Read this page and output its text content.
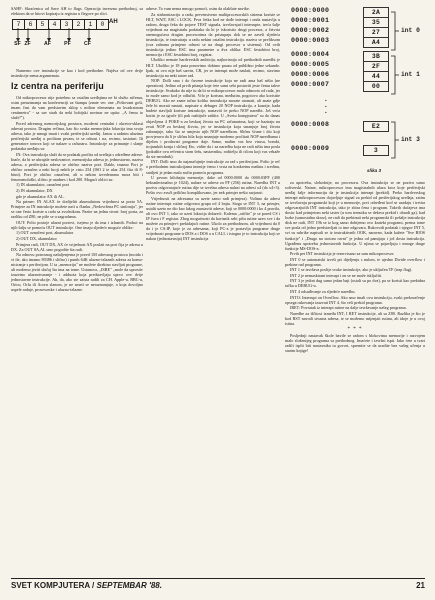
SAHF: Skraćenica od Save AH to flags. Operacija inverzna prethodnoj, sa efektom da se bitovi kopiraju iz registra u flegove po slici.

7	6	5	4	3	2	1	0 AH
SF ZF	AF	PF	CF

Namerno ove instrukcije se kao i kod prethodne. Najdva od ove dvije instrukcije nema argumenata.

Iz centra na periferiju

Od mikroprocesor nije potrebno sa ostalim uređajima ne bi služio ničemu, osim preuzimanja na konferenciji za štampu (znate vec one „Poštovani goši, imam čast da vam predstavim sklop s milion elemenata na kvadratnom centimetru" - sa sav strah da neki hobijski novinar ne upita: „A čemu to služi?").

Pored adresnog memorijskog prostora, moderni centralni i okretor-sklasti adresni prostor. Drugim rečima, kao što svaka memorijska lokacija ima svoju adresu, tako je mnogi imati i svaki periferijski uređaj. Janou u radnim ulazima periferijski uređaj u prolitom prvam, te se odnosi i na, recimo, tastaturi. Ili generatore tonova koji se nalaze u računaru. Instrukcije za primanje i slanje podataka uređaju su:

IN: Ova instrukcija služi da se podatak pročita od uređaja s određene adrese. Inače, da bi se ubrajale neslovanice, memorijska adresa je, jednostavno, naziva adresa, a periferijska adresa se obično naziva port. Dakle, imamo Port je obično označen a neki broji nekih je cisto 254 (ISO 2 te ulaz 254 čita ili 8-bitni). Port je obično označeni, ali u nekim izvedenama mora biti i fenomenološki, slično je uradnes i kod 280. Mogući oblici su:

1) IN akumulator, označeni port

2) IN akumulator, DX

gde je akumulator AX ili AL.

Na primer: IN ALAX će dodijeliti akumulatoru vrijednost sa porta 5A. Primjere za IN instrukcije možete naći u članku „Nedovršena PC sinfonija", jer se one često koriste u radu sa zvučnikom. Pazite na jednu stvari: broj porta, za razliku od Z80, ne piše se u zagradama.

OUT: Polio postoje ulazni portovi, isejeno je da ima i izlaznih. Podaci na njih šalju se pomoću OUT instrukcije. One imaju sljedeće moguće oblike:

1) OUT označeni port, akumulator

2) OUT DX, akumulator

Primjera radi, OUT DX, AX će vrijednost AX poslati na port čija je adresa u DX. Za OUT 8A,AL smo pogodite šta radi.

Na odnovu potrosnog našaljenjema je pored 1M adresnog prostora (moida i vi ile, ako imamo 80386 i slično) i punih 64K ulazno-izlaznih adresa za komuniciranje s periferijom. U ta „memoriju" ne možete direktno stavljati programe, ali možemo jeziti slučaj šta ima na tome. Ustanova, „ISRE" „mole da uprostiv izuzetno ulaznotvaranje - i adduota koja predstavljaju uprvo ove dvije jednostavne instrukcije. Ah, da, ako ste zaista radili za CH. Apple-u, BBC-u, Oricu, Orlu ili Acorn slanom, je ne smeti se nerazmanjuje, a koja dovoljno uspele raduje, prosesorske i ulazno-izlazne.

adrese. To vam nema mnogo pomoći, osim da olakšate navike.

Za sinhronizaciju u radu, prevenstveno multiprocesorskih sistema koriste se HLT, WAIT, ESC i LOCK. Prva četka kod ne dođe interupt i onda nastavlja u radom, druga čeka do pojave TEST signala, izvršavajući interrupte, treća šalje vrijednost na magistralu podataka da bi je iskoristio drugi procesor, a četvrta onemogućava drugim procesorima da pristupaju dok se ne završi sljedeća instrukcija, te instruiraju u radu nekim ostalim instrukcija. naziva se prefiksom (ova zabrana primjene odnosi se na drugi procesor u sistemu). Od ovih instrukcija jedino ESC ima parametre u dva oblika: ESC šestobitni broj, memorija i ESC šestobitni broj, registar.

Ukoliko nemate hardverskih ambicija, najkorisnija od prethodnih naredbi je HLT. Ukoliko je 18 puta ponovimo dobimo pauzu od približno jedne sekunde. Ipak, ni ovo nije baš sarvin, CR, jer se interupt može naslati, recimo, stavimo instrukciju na neki taster rad.

NOP: Dolli smo i do čuvene instrukcije koja ne radi ama baš ništa (ne operation). Jedino od prvih pitanja koje ćete sami sebi postaviti jeste čemu takve instrukcije. Svakako da nije tu da bi se mikroprocesor malo odmorio od rada, jer to može samo kod je odlučiti. Vrlo je korisna, međutim, pogotovo ako koristite DEBUG. Ako ne znate tačno koliko instrukcija morate utomati, ali znate gdje žele bi morati nastati, napisate u debuger 20 NOP instrukcija, a kasnije, kada budete stavljali korisne instrukcije, nastaviti će preko NOP naredbi. Još veća korist je za igrače (ili pak razbijače zaštite. U „Svetu kompjutera" su do danas objavljena 4 POKE-a za beskraj života na PC računarima, koji se baziraju na zvati NOP za beskraj života, jer se instrukcija koja smanjuje broj života zabranjuje, tako što se umjesto njih NOP naredbom. Sličnu šćune i dio koji provjerava da li je sličnu bila koja smanjuje modemo pročitati NOP naredbama i dijelim i prodavati programe daje. Samo, malim vas bez virusa, bombi, trojanskih konja i sličnoj Eto, vidite da i za naredbu koja ne radi ništa ima posla (pokušite ovu rečenicu stom šefu, nastavniku, roditelju ili ciloru koji vas vekaže da ste neradnik).

INT: Dolli smo do najznačajnije instrukcije za rad s periferijom. Pošto je reč o prethodnim instrukcijama imenije ćemo i vrsta na konkretnu mašinu i sredinu, smiljeti je jedan malo način pomoću programa.

U prvom kilobajtu memorije, dake od 0000:0000 do 0000:03FF (400 heksadecimalno je 1024), nalaze se adrese za FF (256) rutina. Naredba INT u pozivu odgovarajuće rutina dije se izvršna adresa nalazi na adresi x4 (do x4+3). Pošto ovo zvuči prilično komplikovano, jer nek primjer nešto razjasni:

Vrijednosti na adresama su uzete samo radi primjera). Vidimo da adresi rutine interrupt rutine odgovara grupa od 4 bajta. Stoga se INT 3, na primjer, ustalti uzeto ne dio kao lakog zaustaviti adrese, koji se 0000:0000 i ko 4 pravila, ali ovo INT 1, tako se uzeti lokacija dolazeći. Kalema „otičite" je se pored CS i IP čuva i F registar. Zbog mogućnosti da korisnik sebi pišu rutine uzeo sve i da možete za primjer-i prekidajući rutine. Ukolo za prethodnom, ali vrijednost da 0 da i je CS:IP, koje je za adresama, koji PC-a je postavlja programe druge vrijednosti programe tr DOS a i DOS a u CALL i istogno je to instrukcija koji se nakon (jednostavnija) INT instrukcija

int 0
int 1
int 3
slika 3
0000:0000	2A
0000:0001	35
0000:0002	27
0000:0003	A4
0000:0004	3B
0000:0005	2F
0000:0006	44
0000:0007	00
0000:0008	E2
0000:0009	3
.
.
.

za upotrebu, slobodnije, no procesoru. Ova instrukcija se ne poziva samo softverski. Naime, mikroprocesor ima magistralnih ulaza kroz koje periferijski uređaj šalje informaciju da je instrukcija interapt (prekid). Preko hardverskog interapt mikroprocesoru dojavljuje signal za prekid od periferijskog uređaja, zatim se izvršavaju programski koji je u memorije, prvi određeni kod se uradaju i tretira odgovarajućih INT instrukcija, tako je zbira čena i program. Takvih dućajeva ima dosta: kad primjetom neki taster (u tom trenutku se dešava prekid i obradi ga), kad lozke (samostalna skroz), ne radi da prekinuti neki programski ili pošalje instrukcija disk ne radi, INT 19h se iz kog samo dobijemo ovo krateki programi, prema tome sve posla od jedno predstavljati to ime odgovara. Rukovodi podatak i njegov INT 5, svi su rubrike napisali se iz instruktivnih OOK, naravno, kada kažete "Sve BIOS funkcije" i „Drugo na stotom ravni" je jedna od pamtjaju i još dosta instrukcija. Ugrađenu upotrebu jednostavnih funkcija. U njima se pojavljuju i mnoge druge funkcije MS-DOS-a.

Prvih pet INT instrukcija je rezervisano za sam mikroprocesor:

INT 0 se automatski izvrši pri dijeljenju s nulom, te ujedno Divide overflow i prekine rad programa.

INT 1 se izvršava poslije svake instrukcije, ako je uključen TF (trap flag).

INT 2 je nemaskirani interapt i on se ne može isključiti.

INT 3 je jedini dug samo jedan bajt (ostali su po dva), pa se koristi kao prekidna tačka u DEBUG-u.

INT 4 odsuđivanje za sljedeće naredbu.

INTO: Interrupt on Overflow. Ako smo imali ovu instrukciju, svaki prekoračenje opsega rukovanja izazvati INT 4, što vrši prekid programa.

IRET: Povratak iz interapt rutine na dalje izvršavanje našeg programa.

Naredbe za iščitost između INT, I RET instrukcije, ali sa Z80. Razlika je što je kod RST navodi stvarna adresa, te se možemo mijenjati rutinu, ali idoje je u ovoj istina.

* * *

Posljednji nastavak škole bavile se radom s blokovima memorije i razvojem malo složenijeg programa sa prethodnog. Imaćete i izvršni ispit. Iako ćete u tvari radili isplit biti nastavnika tu govori, spremite se da uradite bez vašeg učenja u starim knjige!

SVET KOMPJUTERA / SEPTEMBAR '88.	21
